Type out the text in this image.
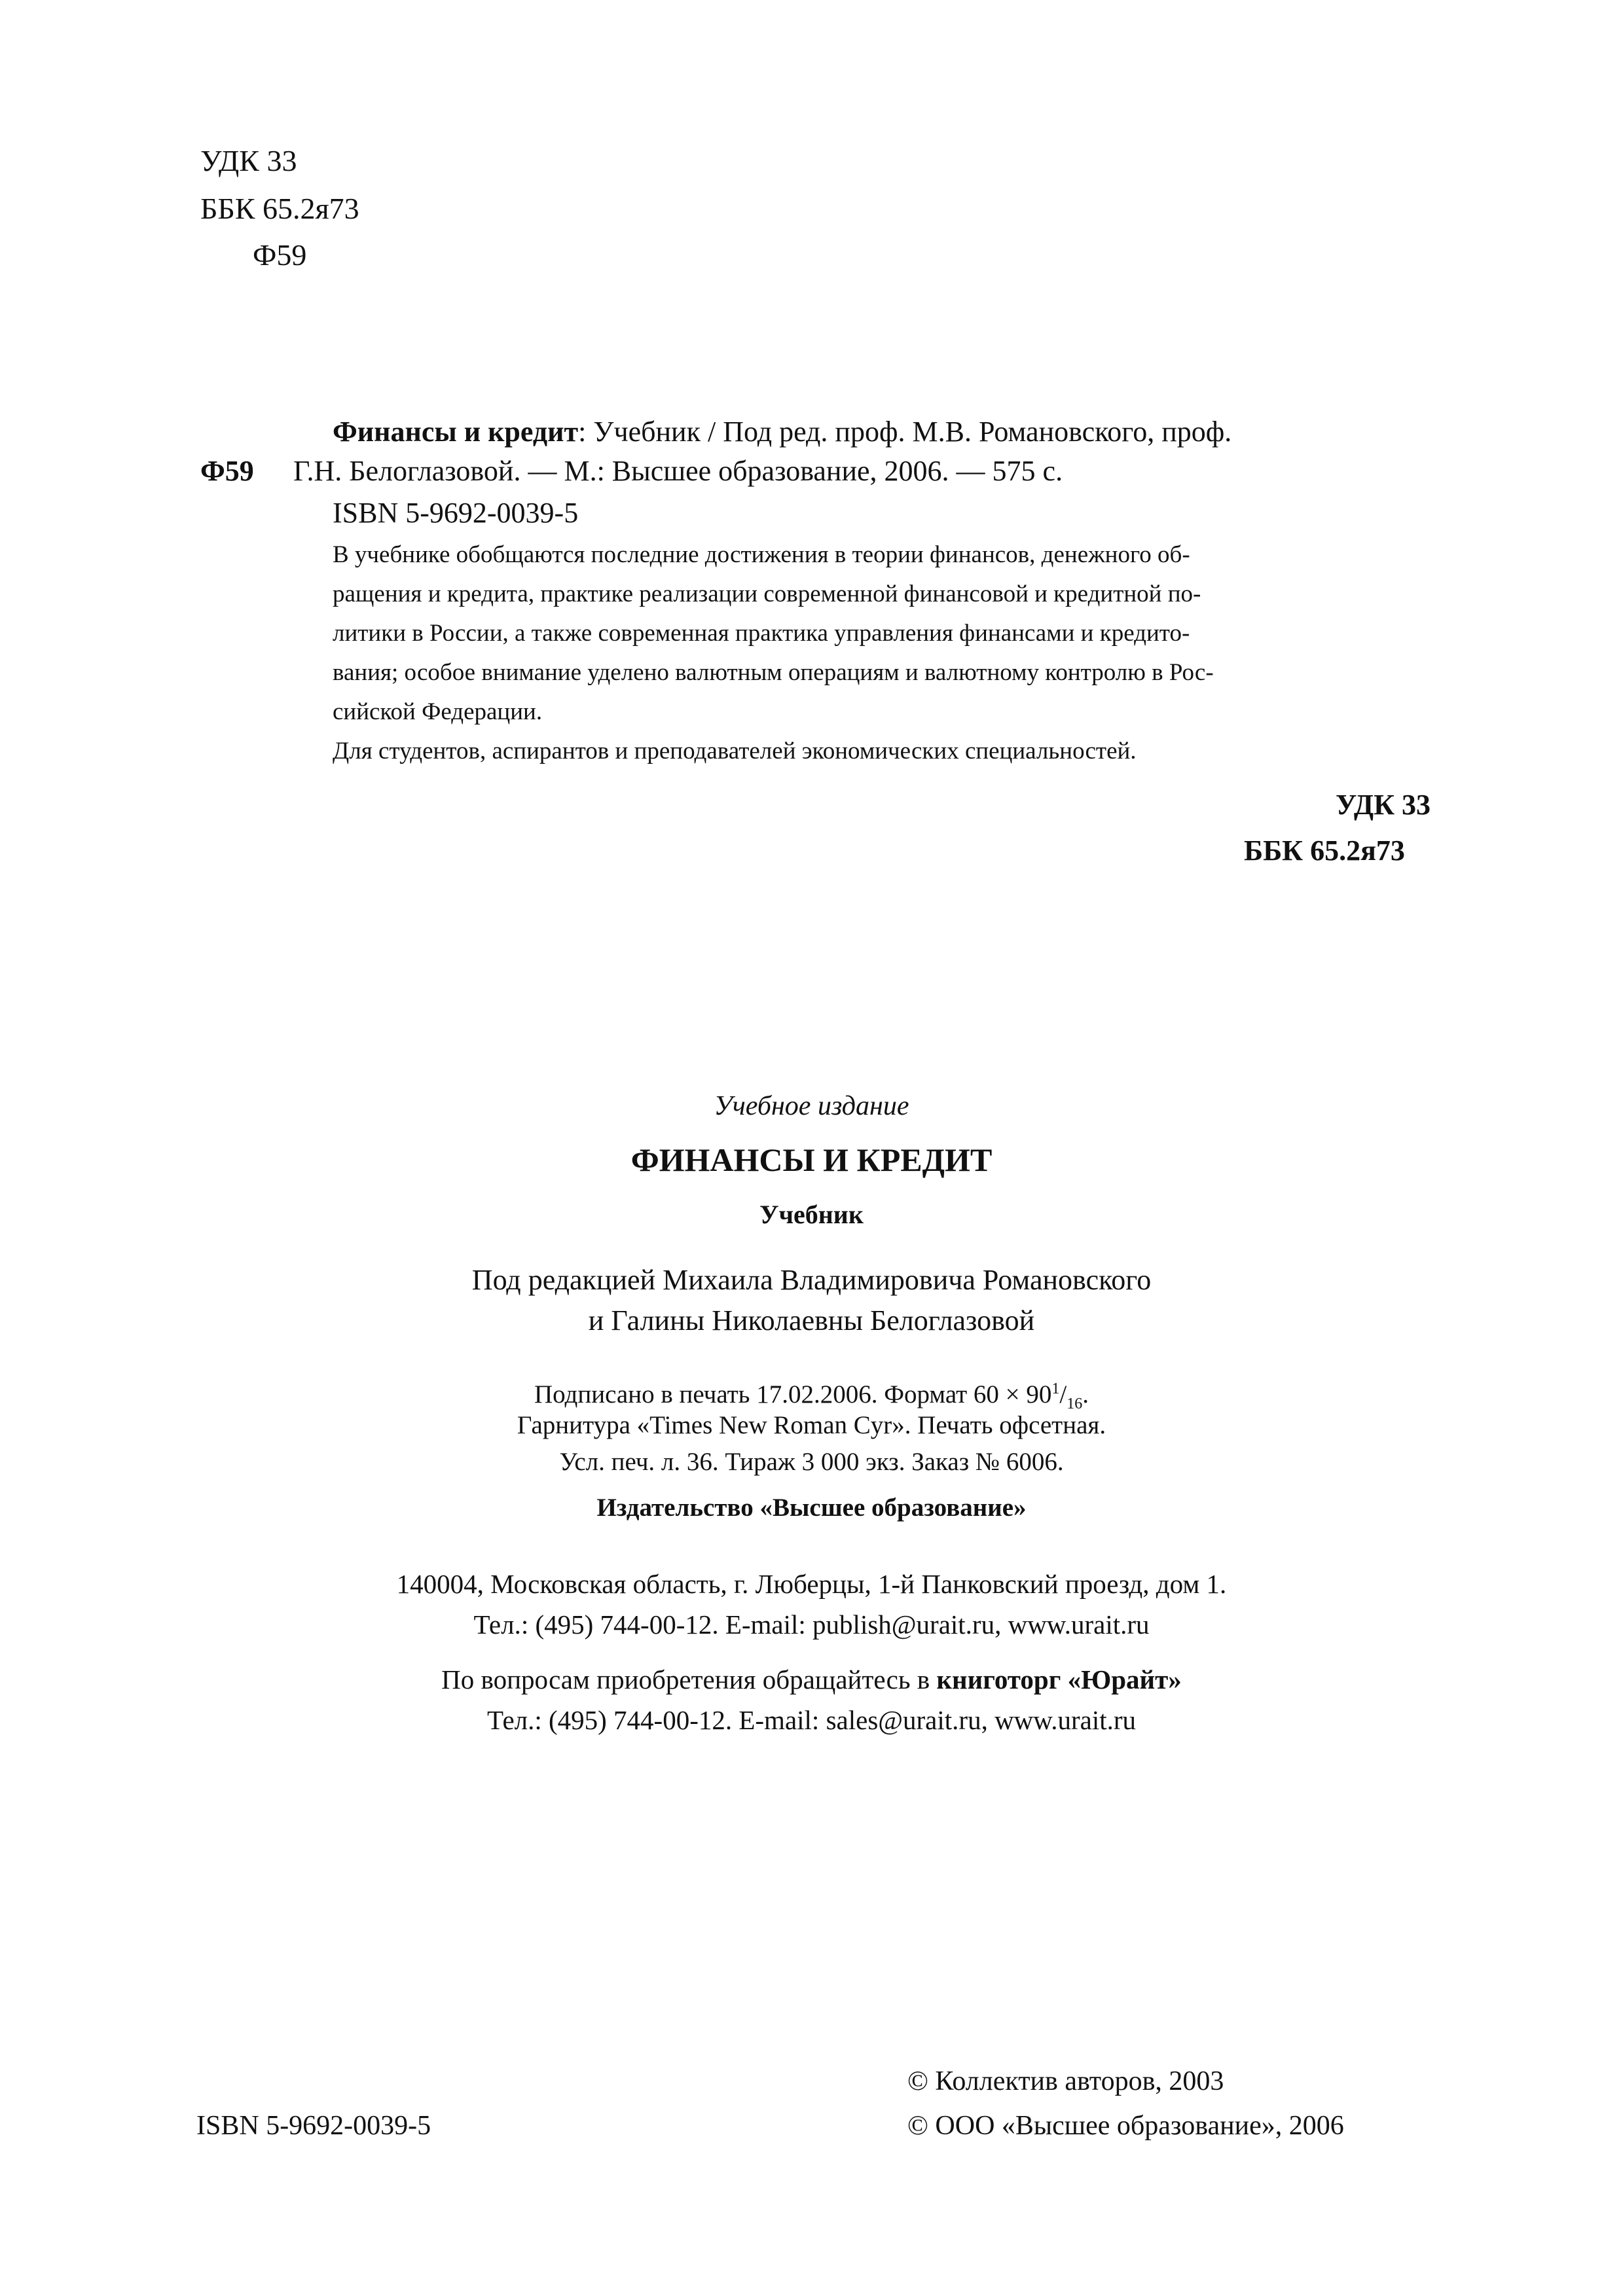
УДК 33
ББК 65.2я73
Ф59
Финансы и кредит: Учебник / Под ред. проф. М.В. Романовского, проф.
Ф59 Г.Н. Белоглазовой. — М.: Высшее образование, 2006. — 575 с.
ISBN 5-9692-0039-5
В учебнике обобщаются последние достижения в теории финансов, денежного об-
ращения и кредита, практике реализации современной финансовой и кредитной по-
литики в России, а также современная практика управления финансами и кредито-
вания; особое внимание уделено валютным операциям и валютному контролю в Рос-
сийской Федерации.
Для студентов, аспирантов и преподавателей экономических специальностей.
УДК 33
ББК 65.2я73
Учебное издание
ФИНАНСЫ И КРЕДИТ
Учебник
Под редакцией Михаила Владимировича Романовского
и Галины Николаевны Белоглазовой
Подписано в печать 17.02.2006. Формат $60 \times 90^1/_{16}$.
Гарнитура «Times New Roman Cyr». Печать офсетная.
Усл. печ. л. 36. Тираж 3 000 экз. Заказ № 6006.
Издательство «Высшее образование»
140004, Московская область, г. Люберцы, 1-й Панковский проезд, дом 1.
Тел.: (495) 744-00-12. E-mail: publish@urait.ru, www.urait.ru
По вопросам приобретения обращайтесь в книготорг «Юрайт»
Тел.: (495) 744-00-12. E-mail: sales@urait.ru, www.urait.ru
ISBN 5-9692-0039-5
© Коллектив авторов, 2003
© ООО «Высшее образование», 2006
